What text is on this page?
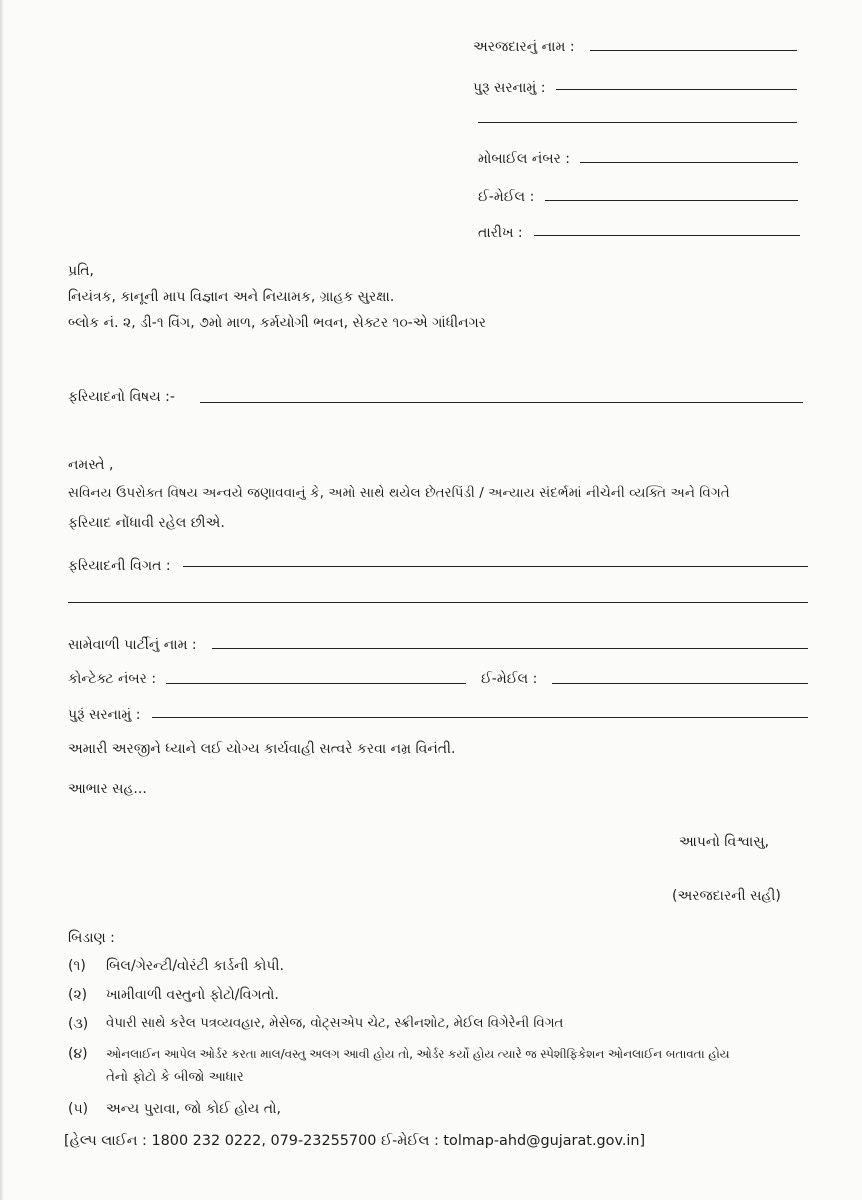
અરજદારનું નામ :
પુરૂ સરનામું :
મોબાઈલ નંબર :
ઈ-મેઈલ :
તારીખ :
પ્રતિ,
નિયંત્રક, કાનૂની માપ વિજ્ઞાન અને નિયામક, ગ્રાહક સુરક્ષા.
બ્લોક નં. ૨, ડી-૧ વિંગ, ૭મો માળ, કર્મયોગી ભવન, સેક્ટર ૧૦-એ ગાંધીનગર
ફરિયાદનો વિષય :-
નમસ્તે ,
સવિનય ઉપરોક્ત વિષય અન્વયે જણાવવાનું કે, અમો સાથે થયેલ છેતરપિંડી / અન્યાય સંદર્ભમાં નીચેની વ્યક્તિ અને વિગતે
ફરિયાદ નોંધાવી રહેલ છીએ.
ફરિયાદની વિગત :
સામેવાળી પાર્ટીનું નામ :
કોન્ટેક્ટ નંબર :	ઈ-મેઈલ :
પુરૂં સરનામું :
અમારી અરજીને ધ્યાને લઈ યોગ્ય કાર્યવાહી સત્વરે કરવા નમ્ર વિનંતી.
આભાર સહ...
આપનો વિશ્વાસુ,
(અરજદારની સહી)
બિડાણ :
(૧) બિલ/ગેરન્ટી/વોરંટી કાર્ડની કોપી.
(૨) ખામીવાળી વસ્તુનો ફોટો/વિગતો.
(૩) વેપારી સાથે કરેલ પત્રવ્યવહાર, મેસેજ, વોટ્સએપ ચેટ, સ્ક્રીનશોટ, મેઈલ વિગેરેની વિગત
(૪) ઓનલાઈન આપેલ ઓર્ડર કરતા માલ/વસ્તુ અલગ આવી હોય તો, ઓર્ડર કર્યો હોય ત્યારે જ સ્પેશીફિકેશન ઓનલાઈન બતાવતા હોય
તેનો ફોટો કે બીજો આધાર
(૫) અન્ય પુરાવા, જો કોઈ હોય તો,
[હેલ્પ લાઈન : 1800 232 0222, 079-23255700 ઈ-મેઈલ : tolmap-ahd@gujarat.gov.in]
